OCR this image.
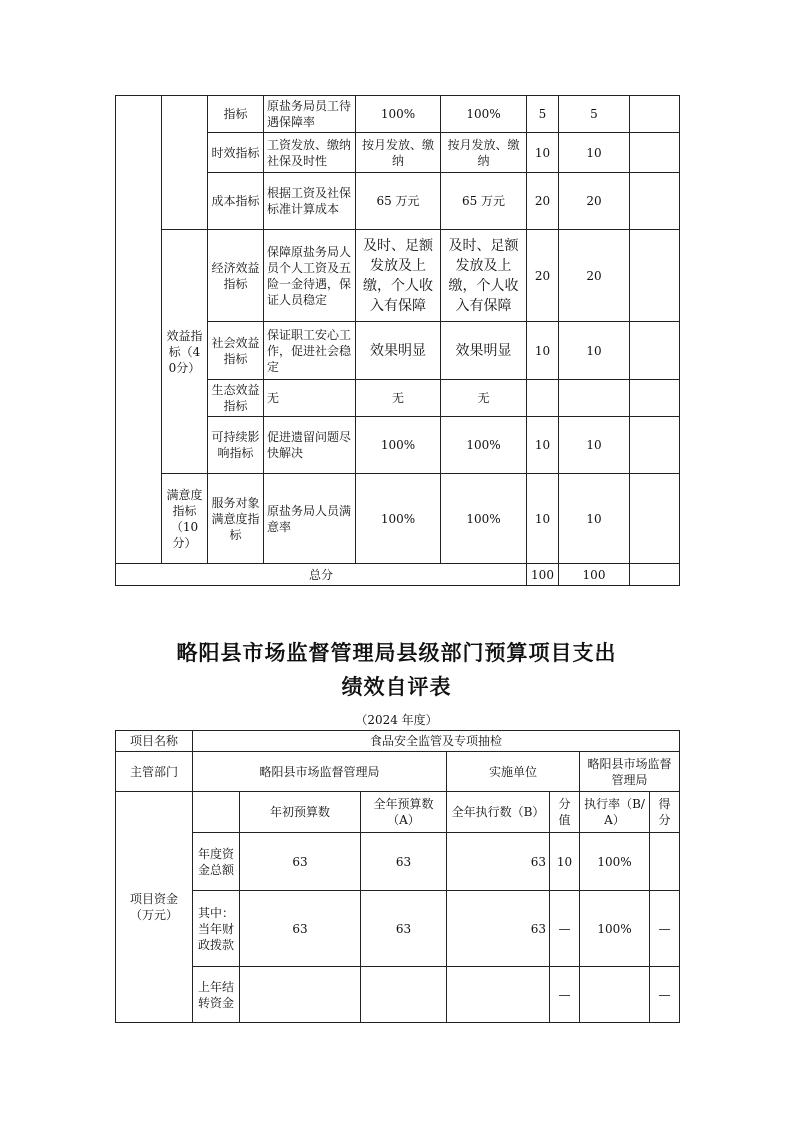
		指标	原盐务局员工待遇保障率	100%	100%	5	5	
		时效指标	工资发放、缴纳社保及时性	按月发放、缴纳	按月发放、缴纳	10	10	
		成本指标	根据工资及社保标准计算成本	65 万元	65 万元	20	20	
	效益指标（40分）	经济效益指标	保障原盐务局人员个人工资及五险一金待遇，保证人员稳定	及时、足额发放及上缴，个人收入有保障	及时、足额发放及上缴，个人收入有保障	20	20	
		社会效益指标	保证职工安心工作，促进社会稳定	效果明显	效果明显	10	10	
		生态效益指标	无	无	无			
		可持续影响指标	促进遗留问题尽快解决	100%	100%	10	10	
	满意度指标（10分）	服务对象满意度指标	原盐务局人员满意率	100%	100%	10	10	
总分						100	100	
略阳县市场监督管理局县级部门预算项目支出
绩效自评表
（2024 年度）
项目名称	食品安全监管及专项抽检						
主管部门	略阳县市场监督管理局			实施单位		略阳县市场监督管理局	
项目资金（万元）		年初预算数	全年预算数（A）	全年执行数（B）	分值	执行率（B/A）	得分
	年度资金总额	63	63	63	10	100%	
	其中：当年财政拨款	63	63	63	—	100%	—
	上年结转资金				—		—
